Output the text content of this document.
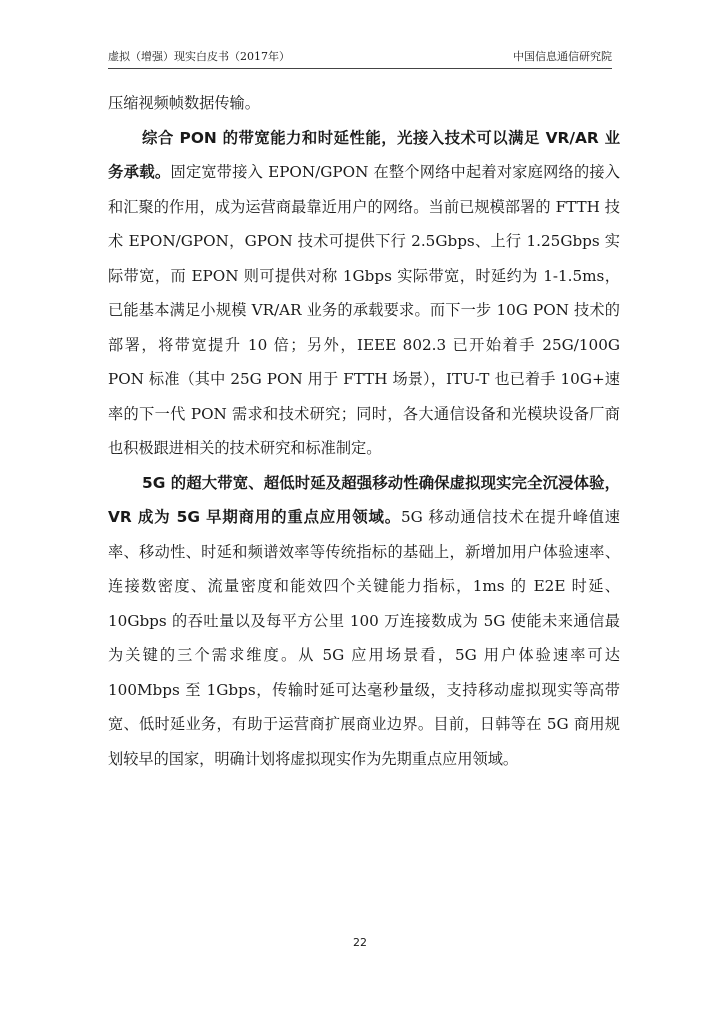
虚拟（增强）现实白皮书（2017年）	中国信息通信研究院

压缩视频帧数据传输。

综合 PON 的带宽能力和时延性能，光接入技术可以满足 VR/AR 业务承载。固定宽带接入 EPON/GPON 在整个网络中起着对家庭网络的接入和汇聚的作用，成为运营商最靠近用户的网络。当前已规模部署的 FTTH 技术 EPON/GPON，GPON 技术可提供下行 2.5Gbps、上行 1.25Gbps 实际带宽，而 EPON 则可提供对称 1Gbps 实际带宽，时延约为 1-1.5ms，已能基本满足小规模 VR/AR 业务的承载要求。而下一步 10G PON 技术的部署，将带宽提升 10 倍；另外，IEEE 802.3 已开始着手 25G/100G PON 标准（其中 25G PON 用于 FTTH 场景），ITU-T 也已着手 10G+速率的下一代 PON 需求和技术研究；同时，各大通信设备和光模块设备厂商也积极跟进相关的技术研究和标准制定。

5G 的超大带宽、超低时延及超强移动性确保虚拟现实完全沉浸体验，VR 成为 5G 早期商用的重点应用领域。5G 移动通信技术在提升峰值速率、移动性、时延和频谱效率等传统指标的基础上，新增加用户体验速率、连接数密度、流量密度和能效四个关键能力指标，1ms 的 E2E 时延、10Gbps 的吞吐量以及每平方公里 100 万连接数成为 5G 使能未来通信最为关键的三个需求维度。从 5G 应用场景看，5G 用户体验速率可达 100Mbps 至 1Gbps，传输时延可达毫秒量级，支持移动虚拟现实等高带宽、低时延业务，有助于运营商扩展商业边界。目前，日韩等在 5G 商用规划较早的国家，明确计划将虚拟现实作为先期重点应用领域。

22
